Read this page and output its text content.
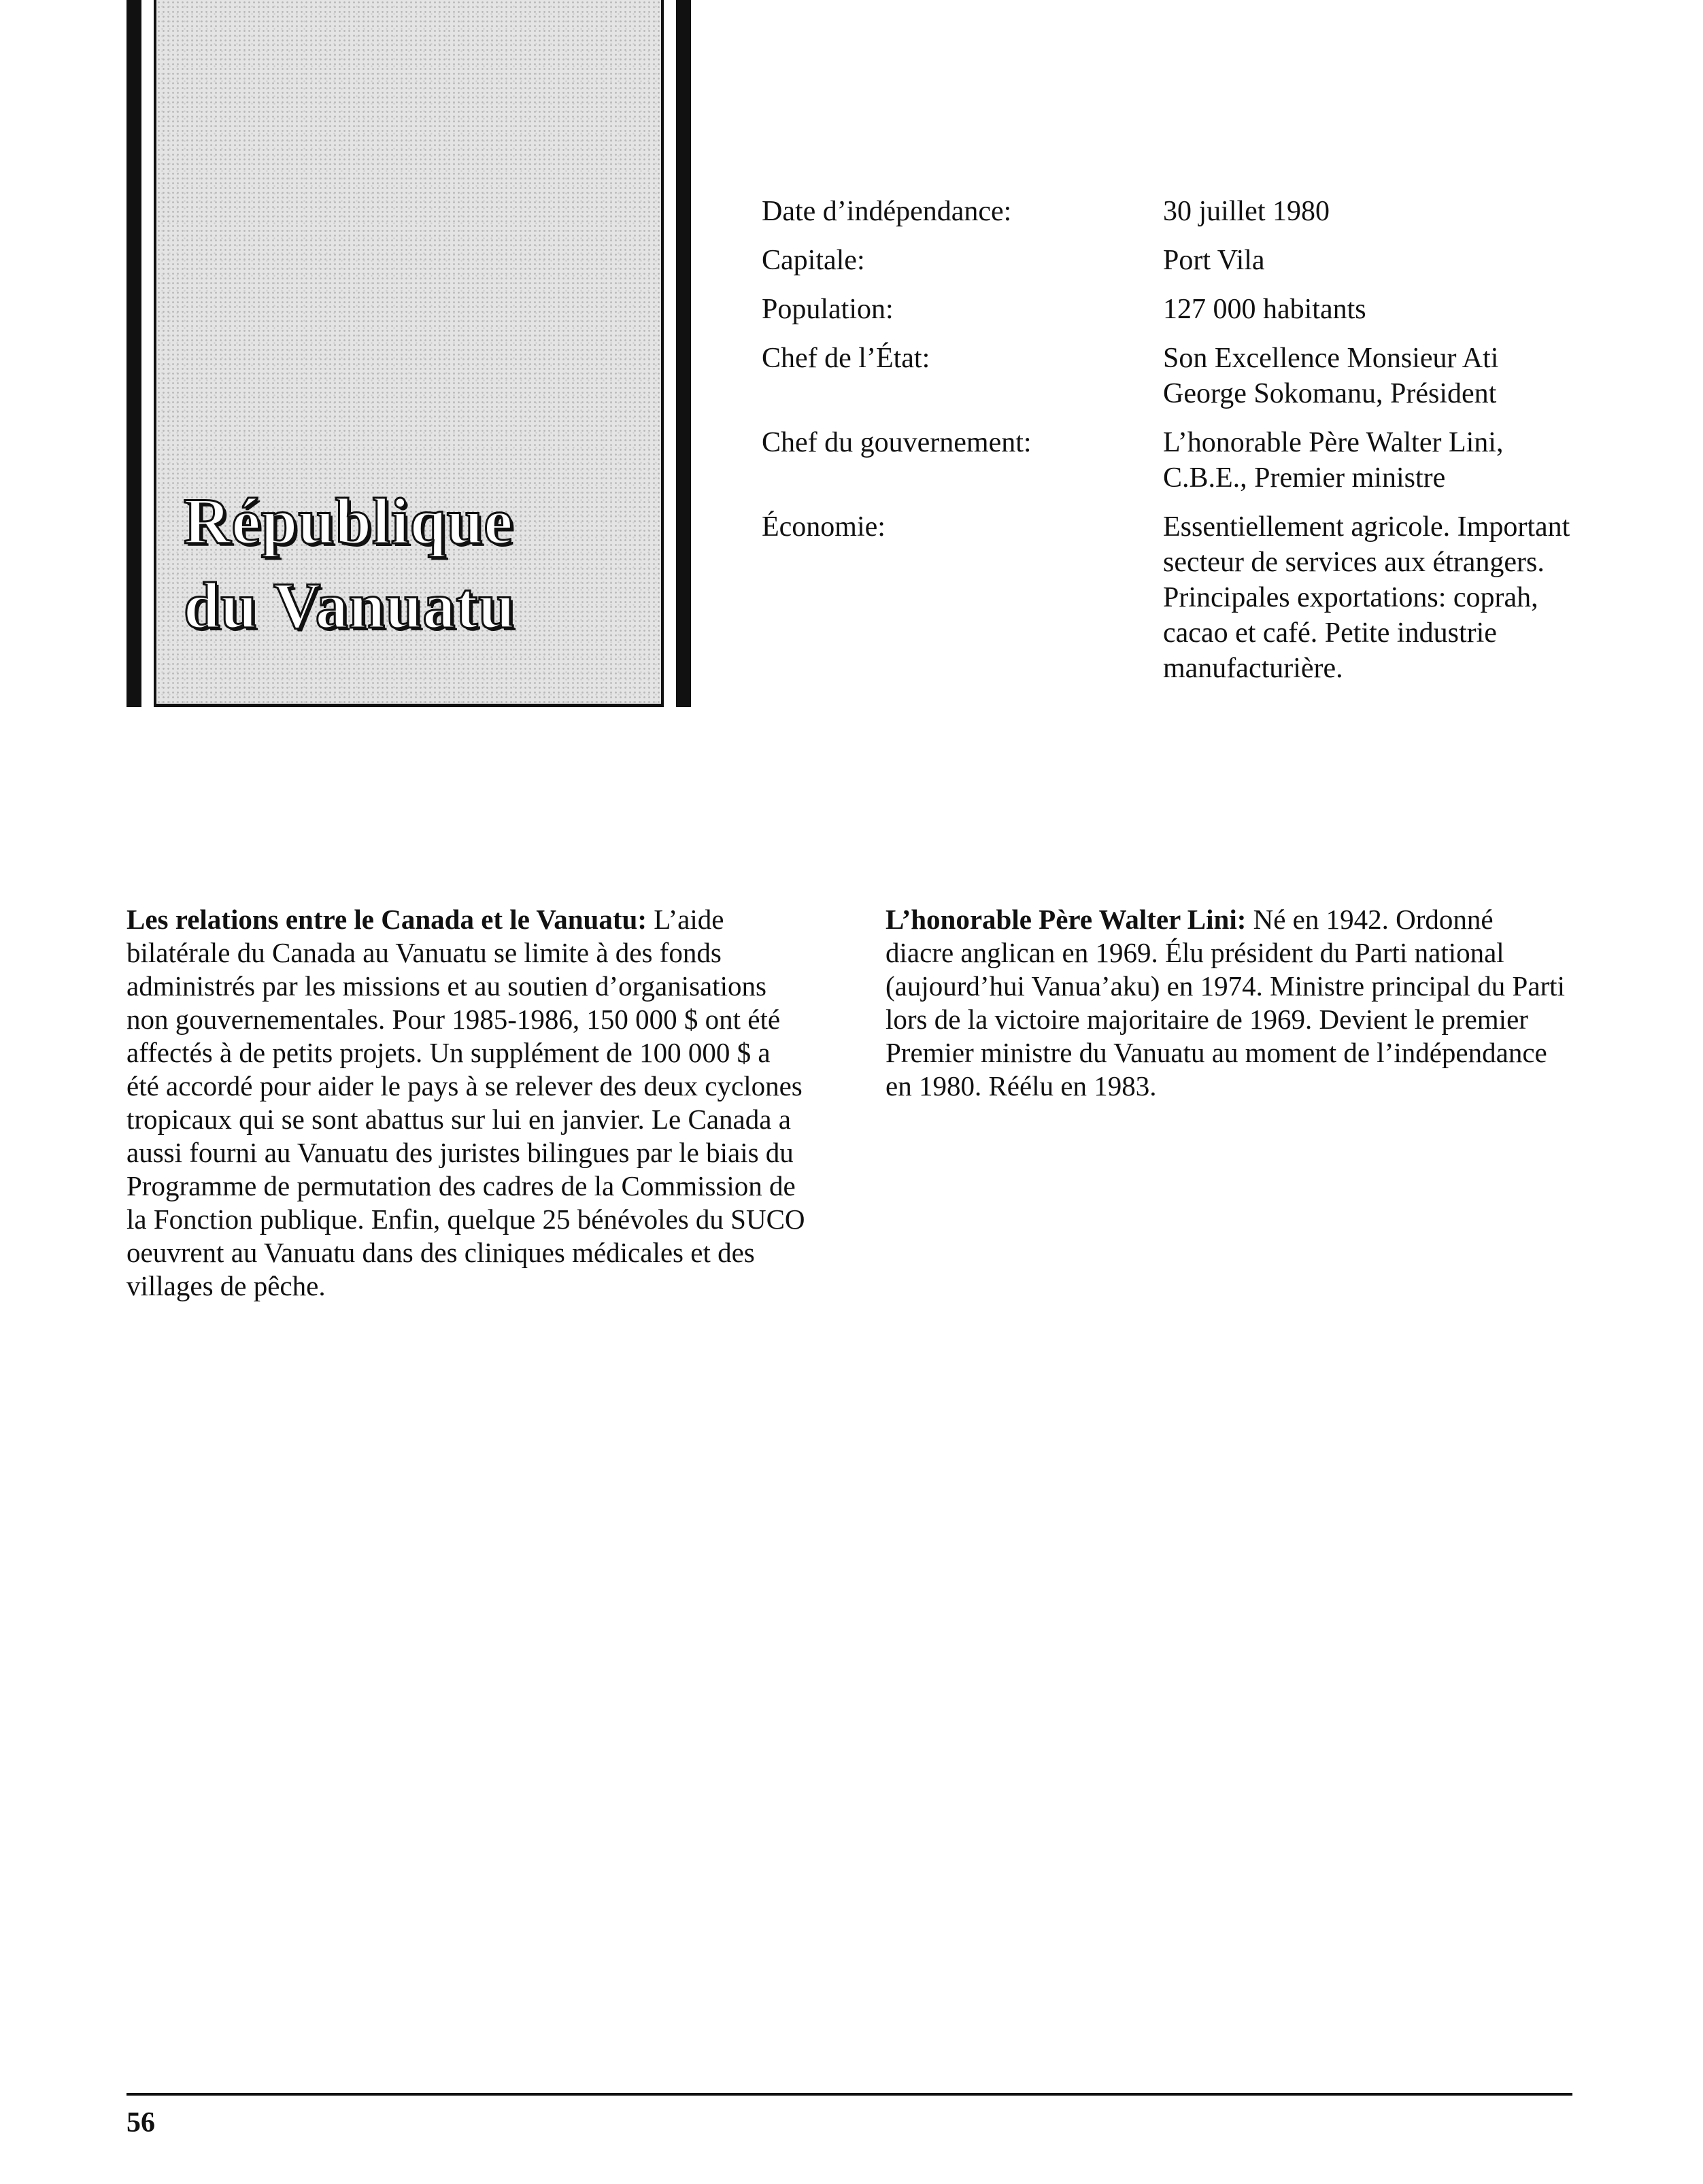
République
du Vanuatu
Date d’indépendance:	30 juillet 1980
Capitale:	Port Vila
Population:	127 000 habitants
Chef de l’État:	Son Excellence Monsieur Ati George Sokomanu, Président
Chef du gouvernement:	L’honorable Père Walter Lini, C.B.E., Premier ministre
Économie:	Essentiellement agricole. Important secteur de services aux étrangers. Principales exportations: coprah, cacao et café. Petite industrie manufacturière.
Les relations entre le Canada et le Vanuatu: L’aide bilatérale du Canada au Vanuatu se limite à des fonds administrés par les missions et au soutien d’organisations non gouvernementales. Pour 1985-1986, 150 000 $ ont été affectés à de petits projets. Un supplément de 100 000 $ a été accordé pour aider le pays à se relever des deux cyclones tropicaux qui se sont abattus sur lui en janvier. Le Canada a aussi fourni au Vanuatu des juristes bilingues par le biais du Programme de permutation des cadres de la Commission de la Fonction publique. Enfin, quelque 25 bénévoles du SUCO oeuvrent au Vanuatu dans des cliniques médicales et des villages de pêche.
L’honorable Père Walter Lini: Né en 1942. Ordonné diacre anglican en 1969. Élu président du Parti national (aujourd’hui Vanua’aku) en 1974. Ministre principal du Parti lors de la victoire majoritaire de 1969. Devient le premier Premier ministre du Vanuatu au moment de l’indépendance en 1980. Réélu en 1983.
56
